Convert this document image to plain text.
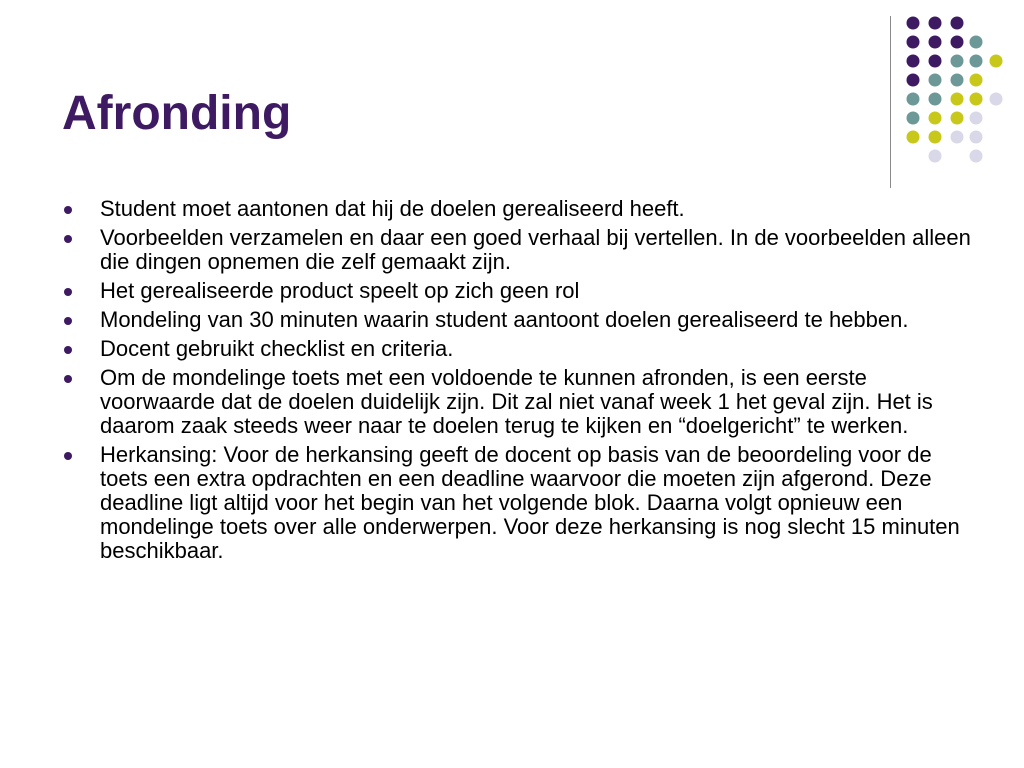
Afronding
Student moet aantonen dat hij de doelen gerealiseerd heeft.
Voorbeelden verzamelen en daar een goed verhaal bij vertellen. In de voorbeelden alleen die dingen opnemen die zelf gemaakt zijn.
Het gerealiseerde product speelt op zich geen rol
Mondeling van 30 minuten waarin student aantoont doelen gerealiseerd te hebben.
Docent gebruikt checklist en criteria.
Om de mondelinge toets met een voldoende te kunnen afronden, is een eerste voorwaarde dat de doelen duidelijk zijn. Dit zal niet vanaf week 1 het geval zijn. Het is daarom zaak steeds weer naar te doelen terug te kijken en “doelgericht” te werken.
Herkansing: Voor de herkansing geeft de docent op basis van de beoordeling voor de toets een extra opdrachten en een deadline waarvoor die moeten zijn afgerond. Deze deadline ligt altijd voor het begin van het volgende blok. Daarna volgt opnieuw een mondelinge toets over alle onderwerpen. Voor deze herkansing is nog slecht 15 minuten beschikbaar.
